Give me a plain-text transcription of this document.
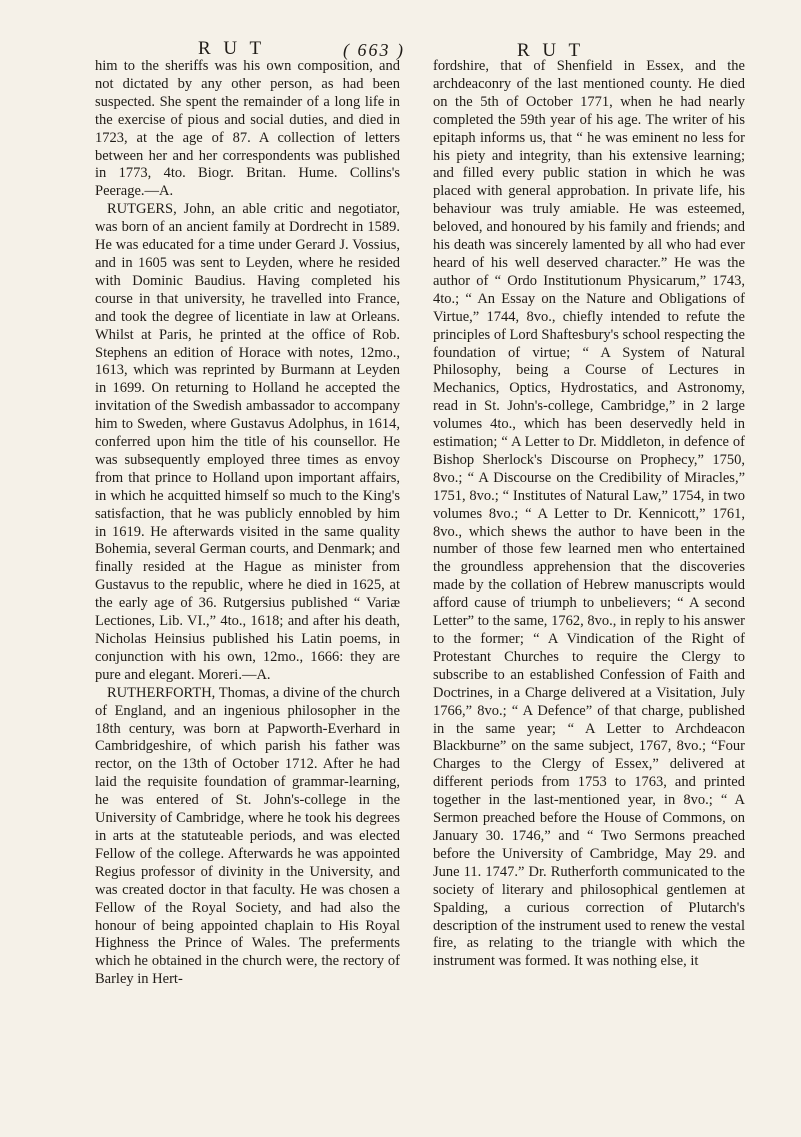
R U T	( 663 )	R U T

him to the sheriffs was his own composition, and not dictated by any other person, as had been suspected. She spent the remainder of a long life in the exercise of pious and social duties, and died in 1723, at the age of 87. A collection of letters between her and her correspondents was published in 1773, 4to. Biogr. Britan. Hume. Collins's Peerage.—A.

RUTGERS, John, an able critic and negotiator, was born of an ancient family at Dordrecht in 1589. He was educated for a time under Gerard J. Vossius, and in 1605 was sent to Leyden, where he resided with Dominic Baudius. Having completed his course in that university, he travelled into France, and took the degree of licentiate in law at Orleans. Whilst at Paris, he printed at the office of Rob. Stephens an edition of Horace with notes, 12mo., 1613, which was reprinted by Burmann at Leyden in 1699. On returning to Holland he accepted the invitation of the Swedish ambassador to accompany him to Sweden, where Gustavus Adolphus, in 1614, conferred upon him the title of his counsellor. He was subsequently employed three times as envoy from that prince to Holland upon important affairs, in which he acquitted himself so much to the King's satisfaction, that he was publicly ennobled by him in 1619. He afterwards visited in the same quality Bohemia, several German courts, and Denmark; and finally resided at the Hague as minister from Gustavus to the republic, where he died in 1625, at the early age of 36. Rutgersius published “ Variæ Lectiones, Lib. VI.,” 4to., 1618; and after his death, Nicholas Heinsius published his Latin poems, in conjunction with his own, 12mo., 1666: they are pure and elegant. Moreri.—A.

RUTHERFORTH, Thomas, a divine of the church of England, and an ingenious philosopher in the 18th century, was born at Papworth-Everhard in Cambridgeshire, of which parish his father was rector, on the 13th of October 1712. After he had laid the requisite foundation of grammar-learning, he was entered of St. John's-college in the University of Cambridge, where he took his degrees in arts at the statuteable periods, and was elected Fellow of the college. Afterwards he was appointed Regius professor of divinity in the University, and was created doctor in that faculty. He was chosen a Fellow of the Royal Society, and had also the honour of being appointed chaplain to His Royal Highness the Prince of Wales. The preferments which he obtained in the church were, the rectory of Barley in Hert-

fordshire, that of Shenfield in Essex, and the archdeaconry of the last mentioned county. He died on the 5th of October 1771, when he had nearly completed the 59th year of his age. The writer of his epitaph informs us, that “ he was eminent no less for his piety and integrity, than his extensive learning; and filled every public station in which he was placed with general approbation. In private life, his behaviour was truly amiable. He was esteemed, beloved, and honoured by his family and friends; and his death was sincerely lamented by all who had ever heard of his well deserved character.” He was the author of “ Ordo Institutionum Physicarum,” 1743, 4to.; “ An Essay on the Nature and Obligations of Virtue,” 1744, 8vo., chiefly intended to refute the principles of Lord Shaftesbury's school respecting the foundation of virtue; “ A System of Natural Philosophy, being a Course of Lectures in Mechanics, Optics, Hydrostatics, and Astronomy, read in St. John's-college, Cambridge,” in 2 large volumes 4to., which has been deservedly held in estimation; “ A Letter to Dr. Middleton, in defence of Bishop Sherlock's Discourse on Prophecy,” 1750, 8vo.; “ A Discourse on the Credibility of Miracles,” 1751, 8vo.; “ Institutes of Natural Law,” 1754, in two volumes 8vo.; “ A Letter to Dr. Kennicott,” 1761, 8vo., which shews the author to have been in the number of those few learned men who entertained the groundless apprehension that the discoveries made by the collation of Hebrew manuscripts would afford cause of triumph to unbelievers; “ A second Letter” to the same, 1762, 8vo., in reply to his answer to the former; “ A Vindication of the Right of Protestant Churches to require the Clergy to subscribe to an established Confession of Faith and Doctrines, in a Charge delivered at a Visitation, July 1766,” 8vo.; “ A Defence” of that charge, published in the same year; “ A Letter to Archdeacon Blackburne” on the same subject, 1767, 8vo.; “Four Charges to the Clergy of Essex,” delivered at different periods from 1753 to 1763, and printed together in the last-mentioned year, in 8vo.; “ A Sermon preached before the House of Commons, on January 30. 1746,” and “ Two Sermons preached before the University of Cambridge, May 29. and June 11. 1747.” Dr. Rutherforth communicated to the society of literary and philosophical gentlemen at Spalding, a curious correction of Plutarch's description of the instrument used to renew the vestal fire, as relating to the triangle with which the instrument was formed. It was nothing else, it
